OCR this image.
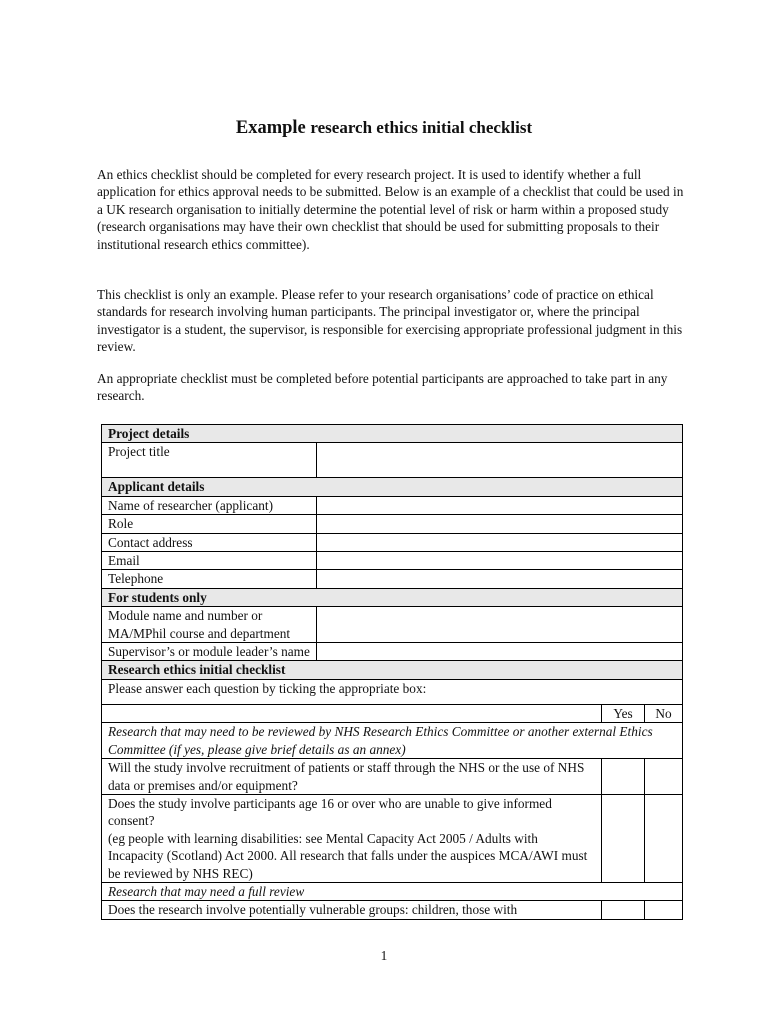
Example research ethics initial checklist

An ethics checklist should be completed for every research project. It is used to identify whether a full application for ethics approval needs to be submitted. Below is an example of a checklist that could be used in a UK research organisation to initially determine the potential level of risk or harm within a proposed study (research organisations may have their own checklist that should be used for submitting proposals to their institutional research ethics committee).

This checklist is only an example. Please refer to your research organisations’ code of practice on ethical standards for research involving human participants. The principal investigator or, where the principal investigator is a student, the supervisor, is responsible for exercising appropriate professional judgment in this review.

An appropriate checklist must be completed before potential participants are approached to take part in any research.

Project details			
Project title			
Applicant details			
Name of researcher (applicant)			
Role			
Contact address			
Email			
Telephone			
For students only			
Module name and number or MA/MPhil course and department			
Supervisor’s or module leader’s name			
Research ethics initial checklist			
Please answer each question by ticking the appropriate box:			
		Yes	No
Research that may need to be reviewed by NHS Research Ethics Committee or another external Ethics Committee (if yes, please give brief details as an annex)			
Will the study involve recruitment of patients or staff through the NHS or the use of NHS data or premises and/or equipment?			

Does the study involve participants age 16 or over who are unable to give informed consent?
(eg people with learning disabilities: see Mental Capacity Act 2005 / Adults with Incapacity (Scotland) Act 2000. All research that falls under the auspices MCA/AWI must be reviewed by NHS REC)			

Research that may need a full review			
Does the research involve potentially vulnerable groups: children, those with			
1
